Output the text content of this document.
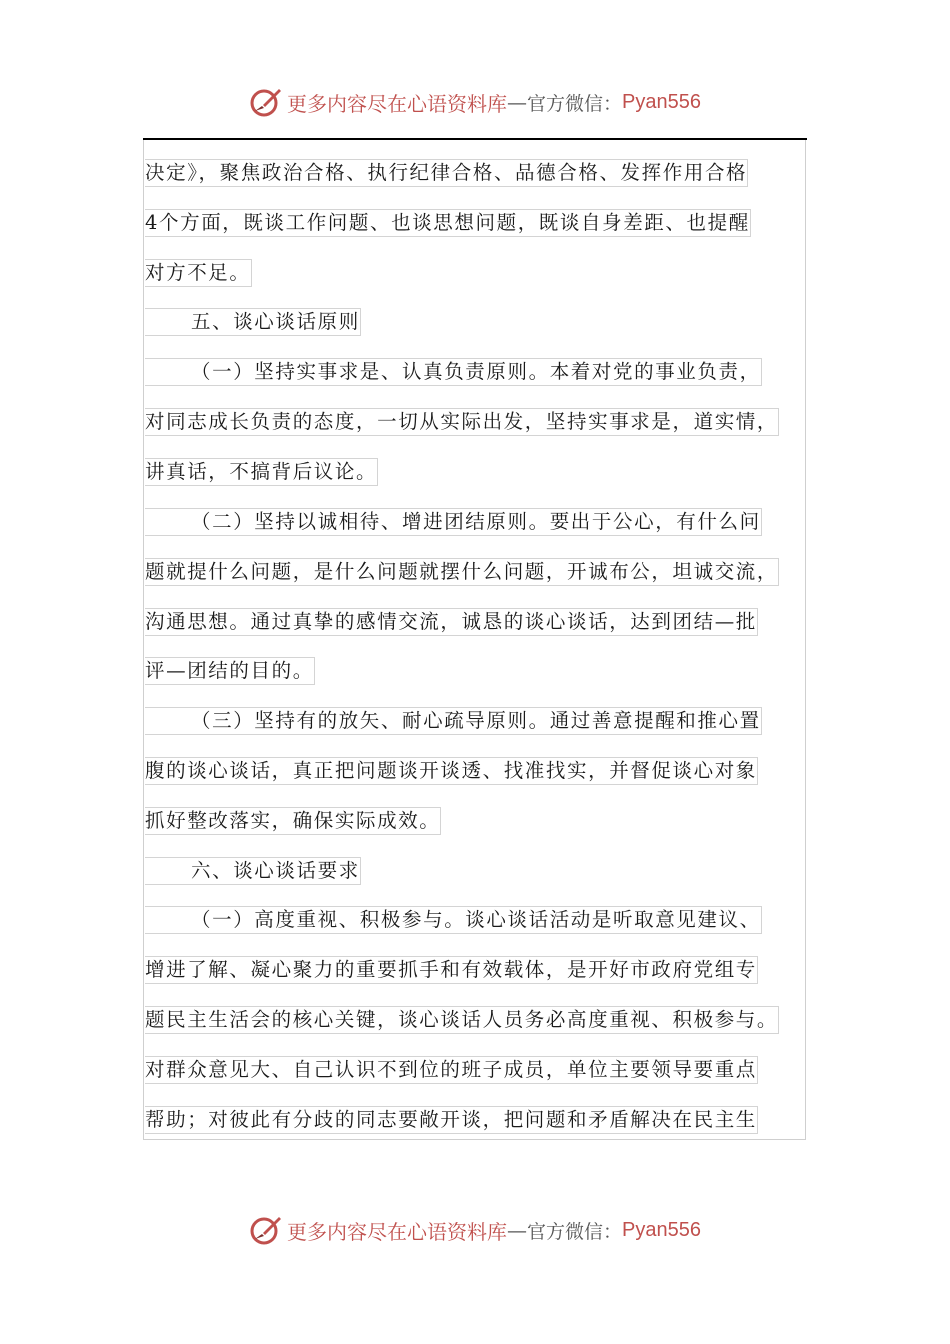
更多内容尽在心语资料库 — 官方微信： Pyan556
决定》，聚焦政治合格、执行纪律合格、品德合格、发挥作用合格
4个方面，既谈工作问题、也谈思想问题，既谈自身差距、也提醒
对方不足。
五、谈心谈话原则
（一）坚持实事求是、认真负责原则。本着对党的事业负责，
对同志成长负责的态度，一切从实际出发，坚持实事求是，道实情，
讲真话，不搞背后议论。
（二）坚持以诚相待、增进团结原则。要出于公心，有什么问
题就提什么问题，是什么问题就摆什么问题，开诚布公，坦诚交流，
沟通思想。通过真挚的感情交流，诚恳的谈心谈话，达到团结—批
评—团结的目的。
（三）坚持有的放矢、耐心疏导原则。通过善意提醒和推心置
腹的谈心谈话，真正把问题谈开谈透、找准找实，并督促谈心对象
抓好整改落实，确保实际成效。
六、谈心谈话要求
（一）高度重视、积极参与。谈心谈话活动是听取意见建议、
增进了解、凝心聚力的重要抓手和有效载体，是开好市政府党组专
题民主生活会的核心关键，谈心谈话人员务必高度重视、积极参与。
对群众意见大、自己认识不到位的班子成员，单位主要领导要重点
帮助；对彼此有分歧的同志要敞开谈，把问题和矛盾解决在民主生
更多内容尽在心语资料库 — 官方微信： Pyan556
